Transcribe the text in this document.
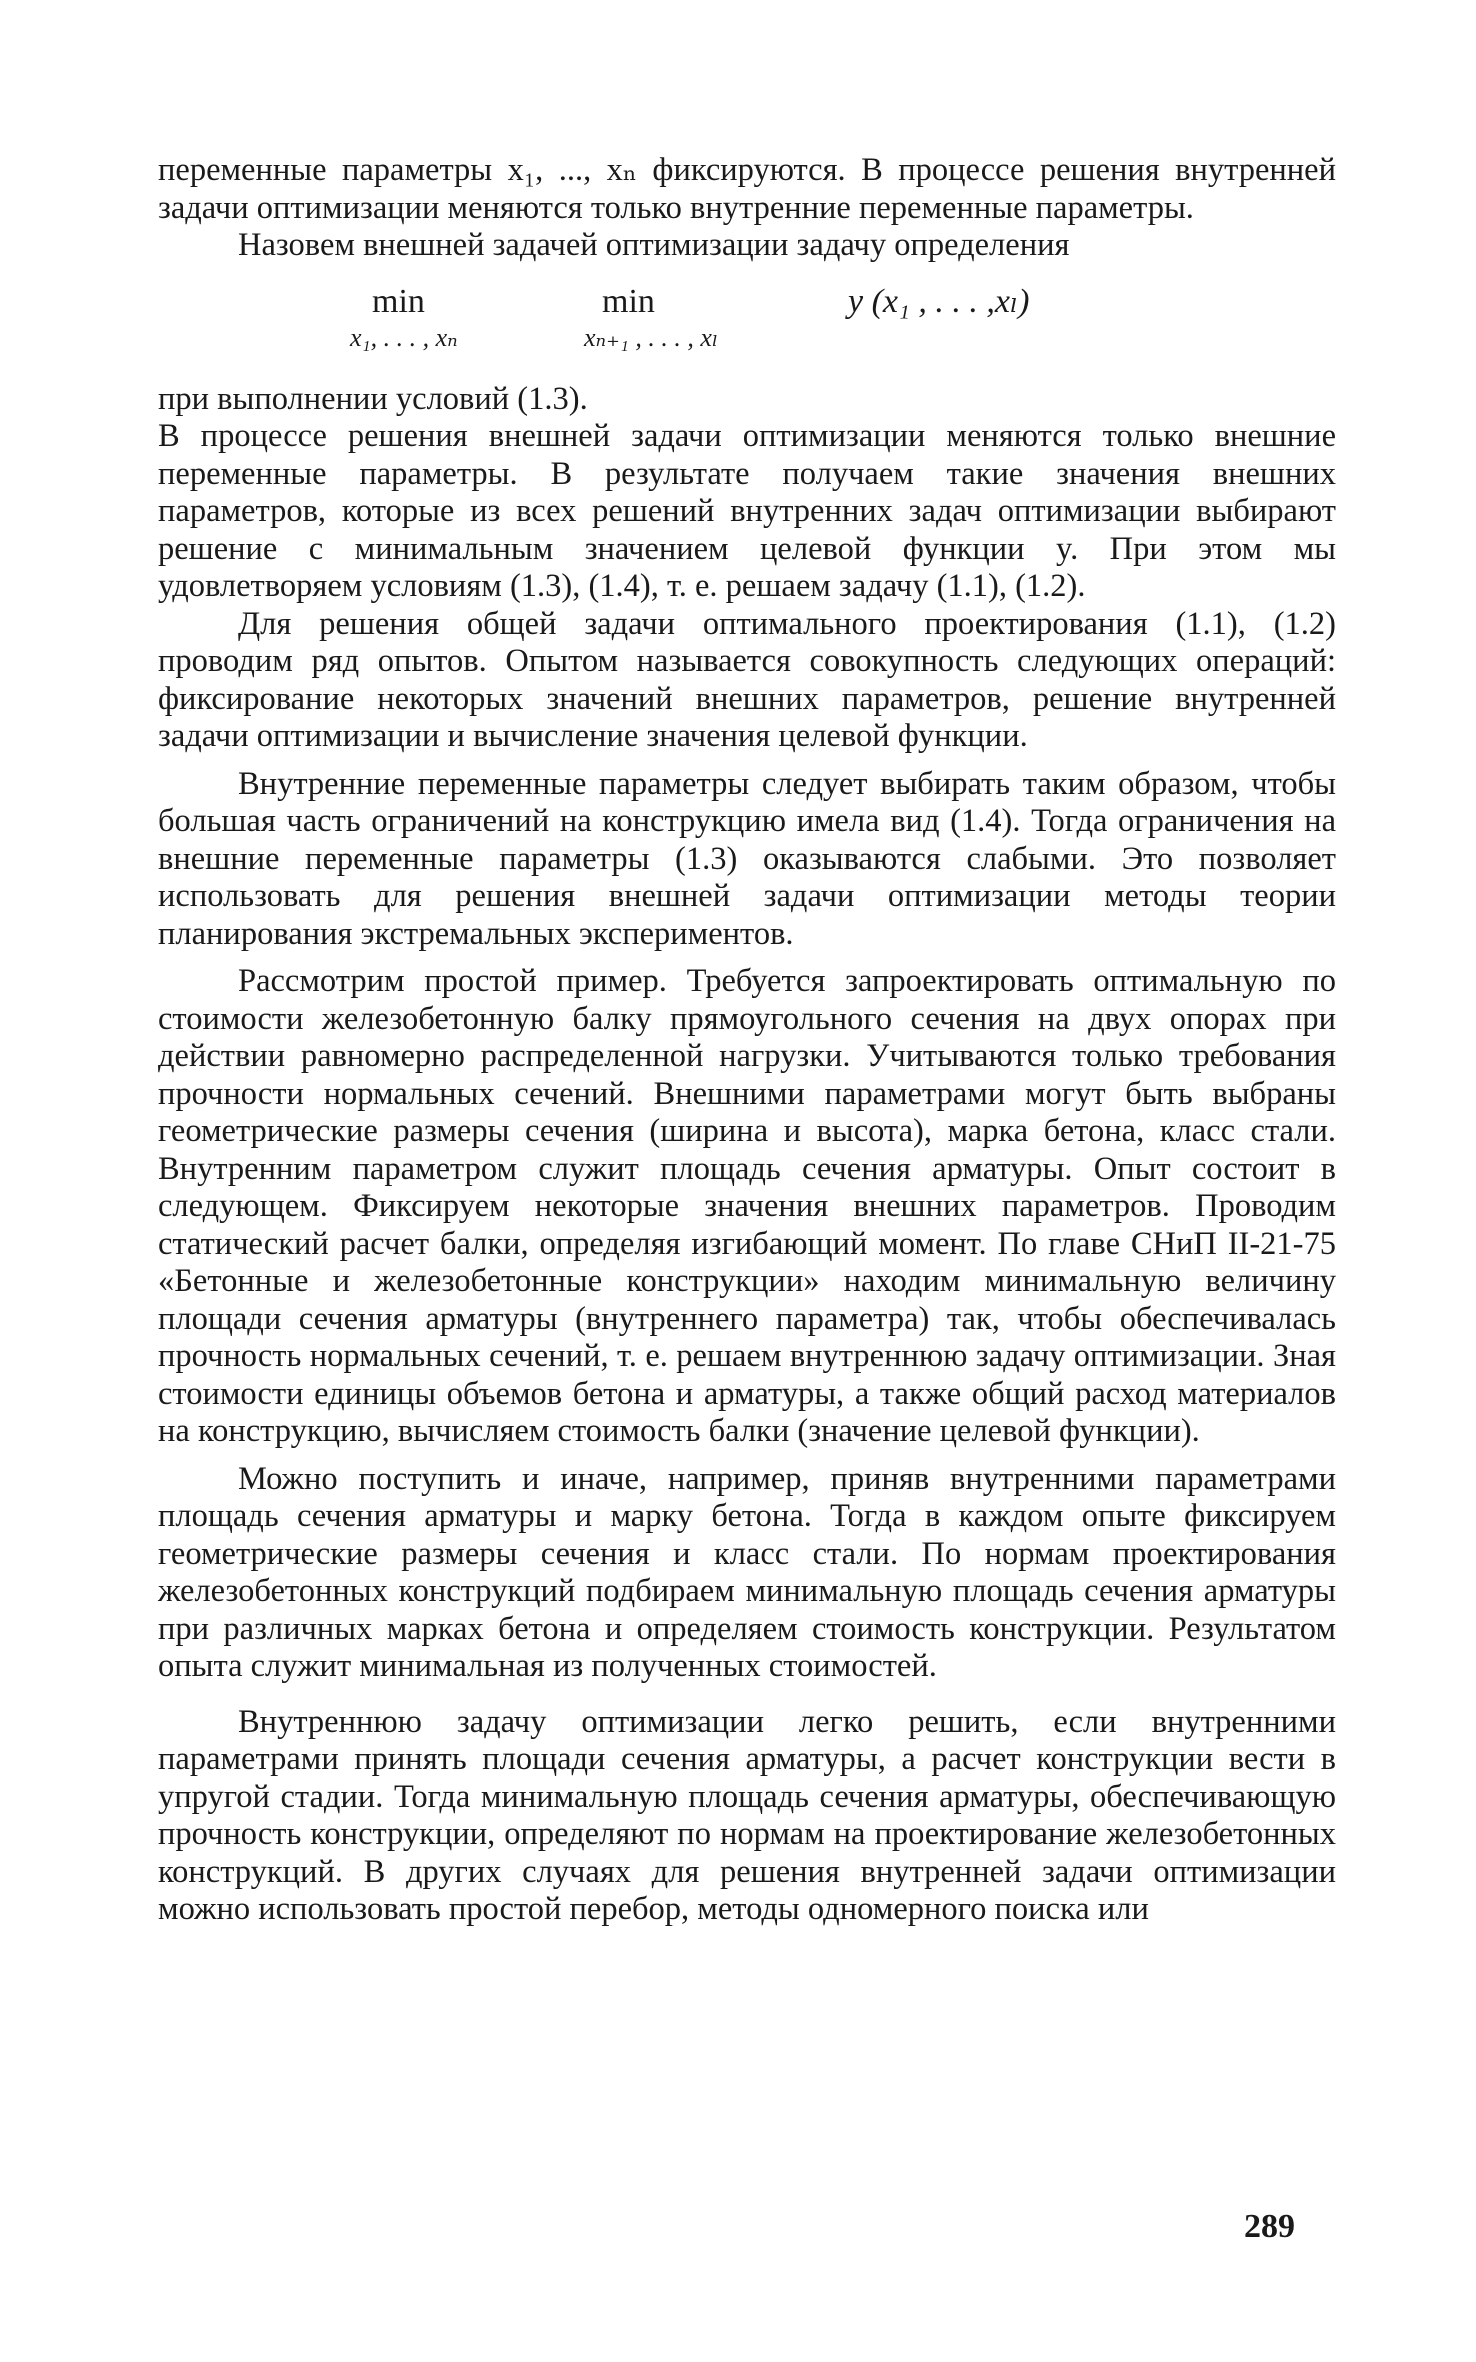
переменные параметры x₁, ..., xₙ фиксируются. В процессе решения внутренней задачи оптимизации меняются только внутренние переменные параметры.

Назовем внешней задачей оптимизации задачу определения

min
x₁, . . . , xₙ
min
xₙ₊₁ , . . . , xₗ
y (x₁ , . . . ,xₗ)

при выполнении условий (1.3).

В процессе решения внешней задачи оптимизации меняются только внешние переменные параметры. В результате получаем такие значения внешних параметров, которые из всех решений внутренних задач оптимизации выбирают решение с минимальным значением целевой функции y. При этом мы удовлетворяем условиям (1.3), (1.4), т. е. решаем задачу (1.1), (1.2).

Для решения общей задачи оптимального проектирования (1.1), (1.2) проводим ряд опытов. Опытом называется совокупность следующих операций: фиксирование некоторых значений внешних параметров, решение внутренней задачи оптимизации и вычисление значения целевой функции.

Внутренние переменные параметры следует выбирать таким образом, чтобы большая часть ограничений на конструкцию имела вид (1.4). Тогда ограничения на внешние переменные параметры (1.3) оказываются слабыми. Это позволяет использовать для решения внешней задачи оптимизации методы теории планирования экстремальных экспериментов.

Рассмотрим простой пример. Требуется запроектировать оптимальную по стоимости железобетонную балку прямоугольного сечения на двух опорах при действии равномерно распределенной нагрузки. Учитываются только требования прочности нормальных сечений. Внешними параметрами могут быть выбраны геометрические размеры сечения (ширина и высота), марка бетона, класс стали. Внутренним параметром служит площадь сечения арматуры. Опыт состоит в следующем. Фиксируем некоторые значения внешних параметров. Проводим статический расчет балки, определяя изгибающий момент. По главе СНиП II-21-75 «Бетонные и железобетонные конструкции» находим минимальную величину площади сечения арматуры (внутреннего параметра) так, чтобы обеспечивалась прочность нормальных сечений, т. е. решаем внутреннюю задачу оптимизации. Зная стоимости единицы объемов бетона и арматуры, а также общий расход материалов на конструкцию, вычисляем стоимость балки (значение целевой функции).

Можно поступить и иначе, например, приняв внутренними параметрами площадь сечения арматуры и марку бетона. Тогда в каждом опыте фиксируем геометрические размеры сечения и класс стали. По нормам проектирования железобетонных конструкций подбираем минимальную площадь сечения арматуры при различных марках бетона и определяем стоимость конструкции. Результатом опыта служит минимальная из полученных стоимостей.

Внутреннюю задачу оптимизации легко решить, если внутренними параметрами принять площади сечения арматуры, а расчет конструкции вести в упругой стадии. Тогда минимальную площадь сечения арматуры, обеспечивающую прочность конструкции, определяют по нормам на проектирование железобетонных конструкций. В других случаях для решения внутренней задачи оптимизации можно использовать простой перебор, методы одномерного поиска или

289
